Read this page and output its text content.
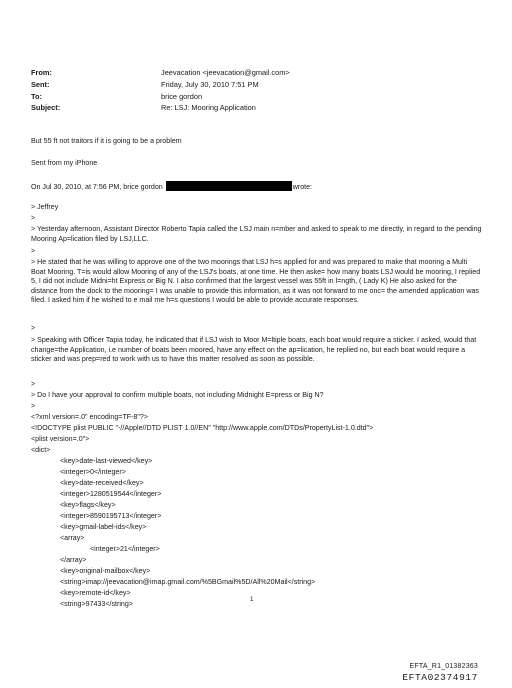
From:	Jeevacation <jeevacation@gmail.com>
Sent:	Friday, July 30, 2010 7:51 PM
To:	brice gordon
Subject:	Re: LSJ: Mooring Application
But 55 ft not traitors if it is going to be a problem
Sent from my iPhone
On Jul 30, 2010, at 7:56 PM, brice gordon	wrote:
> Jeffrey
>
> Yesterday afternoon, Assistant Director Roberto Tapia called the LSJ main n=mber and asked to speak to me directly, in regard to the pending Mooring Ap=lication filed by LSJ,LLC.
>
> He stated that he was willing to approve one of the two moorings that LSJ h=s applied for and was prepared to make that mooring a Multi Boat Mooring. T=is would allow Mooring of any of the LSJ's boats, at one time. He then aske= how many boats LSJ would be mooring, I replied 5, I did not include Midni=ht Express or Big N. I also confirmed that the largest vessel was 55ft in l=ngth, ( Lady K) He also asked for the distance from the dock to the mooring= I was unable to provide this information, as it was not forward to me onc= the amended application was filed. I asked him if he wished to e mail me h=s questions I would be able to provide accurate responses.
>
> Speaking with Officer Tapia today, he indicated that if LSJ wish to Moor M=ltiple boats, each boat would require a sticker. I asked, would that change=the Application, i.e number of boats been moored, have any effect on the ap=lication, he replied no, but each boat would require a sticker and was prep=red to work with us to have this matter resolved as soon as possible.
>
> Do I have your approval to confirm multiple boats, not including Midnight E=press or Big N?
>
<?xml version=.0" encoding=TF-8"?>
<!DOCTYPE plist PUBLIC "-//Apple//DTD PLIST 1.0//EN" "http://www.apple.com/DTDs/PropertyList-1.0.dtd">
<plist version=.0">
<dict>
<key>date-last-viewed</key>
<integer>0</integer>
<key>date-received</key>
<integer>1280519544</integer>
<key>flags</key>
<integer>8590195713</integer>
<key>gmail-label-ids</key>
<array>
<integer>21</integer>
</array>
<key>original-mailbox</key>
<string>imap://jeevacation@imap.gmail.com/%5BGmail%5D/All%20Mail</string>
<key>remote-id</key>
<string>97433</string>	1
EFTA_R1_01382363
EFTA02374917
